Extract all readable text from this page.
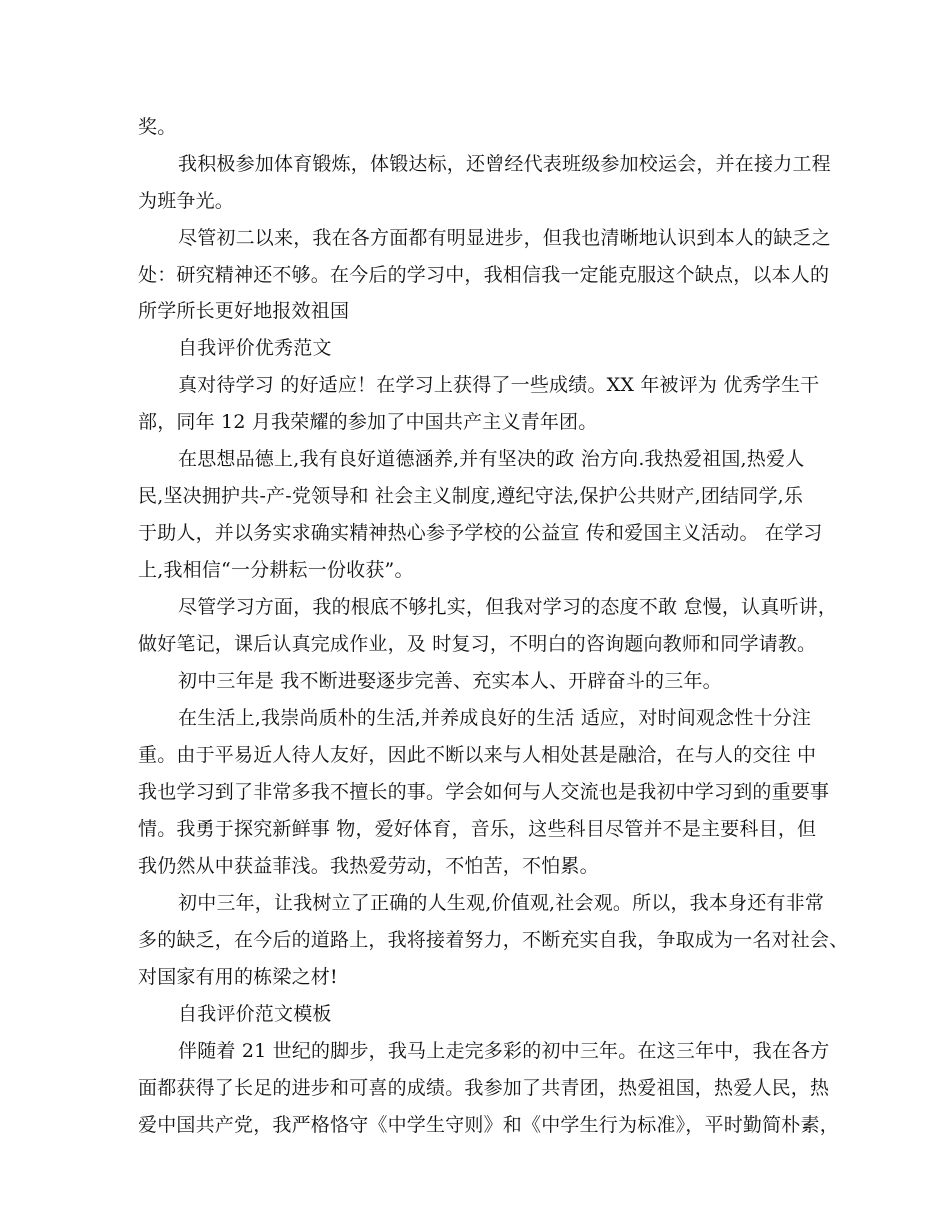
奖。
我积极参加体育锻炼，体锻达标，还曾经代表班级参加校运会，并在接力工程
为班争光。
尽管初二以来，我在各方面都有明显进步，但我也清晰地认识到本人的缺乏之
处：研究精神还不够。在今后的学习中，我相信我一定能克服这个缺点，以本人的
所学所长更好地报效祖国
自我评价优秀范文
真对待学习 的好适应！在学习上获得了一些成绩。XX 年被评为 优秀学生干
部，同年 12 月我荣耀的参加了中国共产主义青年团。
在思想品德上,我有良好道德涵养,并有坚决的政 治方向.我热爱祖国,热爱人
民,坚决拥护共-产-党领导和 社会主义制度,遵纪守法,保护公共财产,团结同学,乐
于助人，并以务实求确实精神热心参予学校的公益宣 传和爱国主义活动。 在学习
上,我相信“一分耕耘一份收获”。
尽管学习方面，我的根底不够扎实，但我对学习的态度不敢 怠慢，认真听讲，
做好笔记，课后认真完成作业，及 时复习，不明白的咨询题向教师和同学请教。
初中三年是 我不断进娶逐步完善、充实本人、开辟奋斗的三年。
在生活上,我崇尚质朴的生活,并养成良好的生活 适应，对时间观念性十分注
重。由于平易近人待人友好，因此不断以来与人相处甚是融洽，在与人的交往 中
我也学习到了非常多我不擅长的事。学会如何与人交流也是我初中学习到的重要事
情。我勇于探究新鲜事 物，爱好体育，音乐，这些科目尽管并不是主要科目，但
我仍然从中获益菲浅。我热爱劳动，不怕苦，不怕累。
初中三年，让我树立了正确的人生观,价值观,社会观。所以，我本身还有非常
多的缺乏，在今后的道路上，我将接着努力，不断充实自我，争取成为一名对社会、
对国家有用的栋梁之材!
自我评价范文模板
伴随着 21 世纪的脚步，我马上走完多彩的初中三年。在这三年中，我在各方
面都获得了长足的进步和可喜的成绩。我参加了共青团，热爱祖国，热爱人民，热
爱中国共产党，我严格恪守《中学生守则》和《中学生行为标准》，平时勤简朴素，
